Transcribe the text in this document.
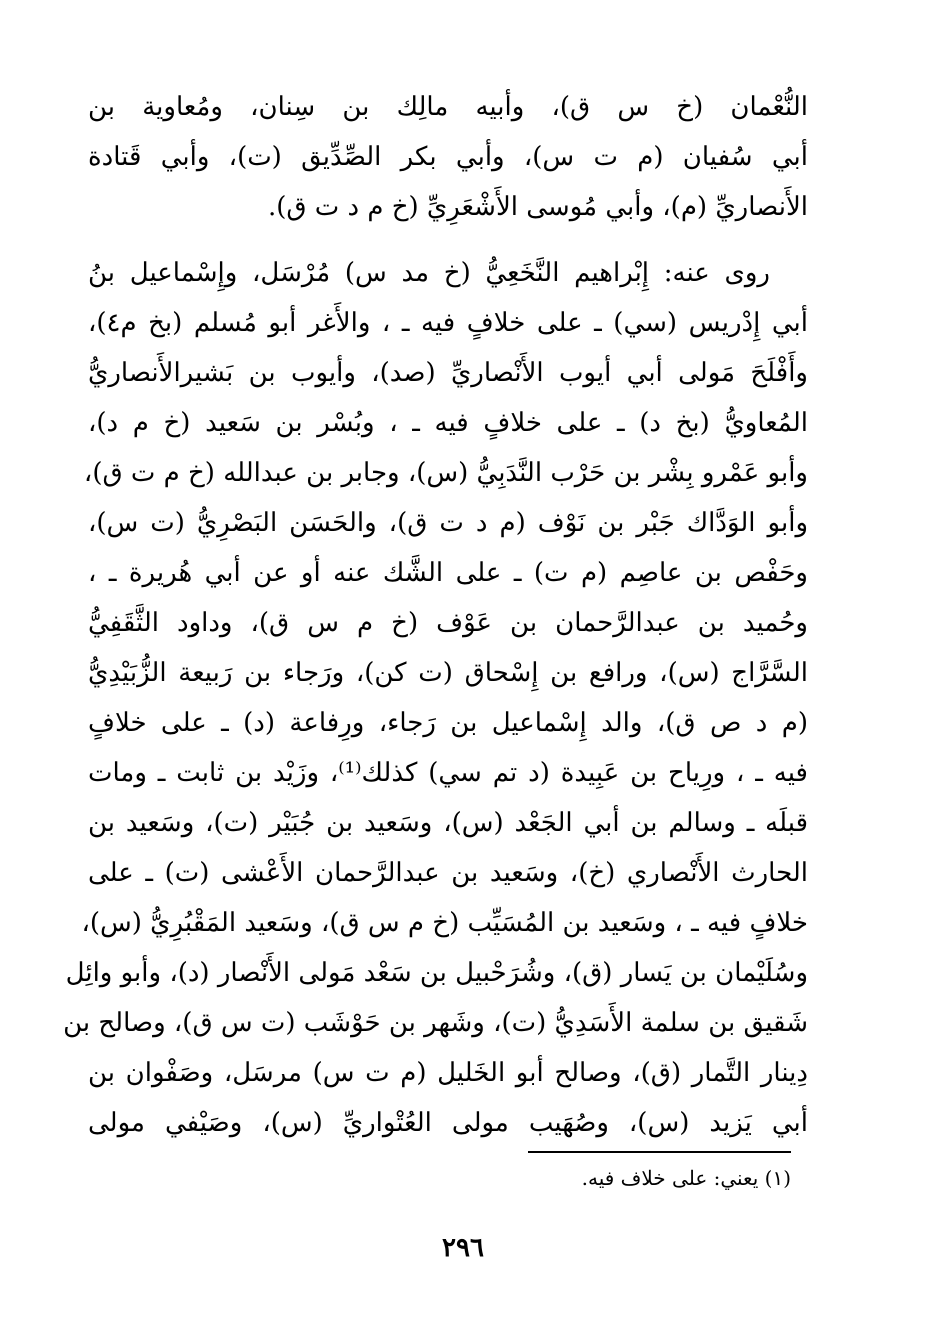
النُّعْمان (خ س ق)، وأبيه مالِك بن سِنان، ومُعاوية بن
أبي سُفيان (م ت س)، وأبي بكر الصِّدِّيق (ت)، وأبي قَتادة
الأَنصاريِّ (م)، وأبي مُوسى الأَشْعَرِيِّ (خ م د ت ق).
روى عنه: إِبْراهيم النَّخَعِيُّ (خ مد س) مُرْسَل، وإِسْماعيل بنُ
أبي إِدْريس (سي) ـ على خلافٍ فيه ـ ، والأَغر أبو مُسلم (بخ م٤)،
وأَفْلَحَ مَولى أبي أيوب الأَنْصاريِّ (صد)، وأيوب بن بَشيرالأَنصاريُّ
المُعاويُّ (بخ د) ـ على خلافٍ فيه ـ ، وبُسْر بن سَعيد (خ م د)،
وأبو عَمْرو بِشْر بن حَرْب النَّدَبِيُّ (س)، وجابر بن عبدالله (خ م ت ق)،
وأبو الوَدَّاك جَبْر بن نَوْف (م د ت ق)، والحَسَن البَصْرِيُّ (ت س)،
وحَفْص بن عاصِم (م ت) ـ على الشَّك عنه أو عن أبي هُريرة ـ ،
وحُميد بن عبدالرَّحمان بن عَوْف (خ م س ق)، وداود الثَّقَفِيُّ
السَّرَّاج (س)، ورافع بن إِسْحاق (ت كن)، ورَجاء بن رَبيعة الزُّبَيْدِيُّ
(م د ص ق)، والد إِسْماعيل بن رَجاء، ورِفاعة (د) ـ على خلافٍ
فيه ـ ، ورِياح بن عَبِيدة (د تم سي) كذلك⁽¹⁾، وزَيْد بن ثابت ـ ومات
قبلَه ـ وسالم بن أبي الجَعْد (س)، وسَعيد بن جُبَيْر (ت)، وسَعيد بن
الحارث الأَنْصاري (خ)، وسَعيد بن عبدالرَّحمان الأَعْشى (ت) ـ على
خلافٍ فيه ـ ، وسَعيد بن المُسَيِّب (خ م س ق)، وسَعيد المَقْبُرِيُّ (س)،
وسُلَيْمان بن يَسار (ق)، وشُرَحْبيل بن سَعْد مَولى الأَنْصار (د)، وأبو وائِل
شَقيق بن سلمة الأَسَدِيُّ (ت)، وشَهر بن حَوْشَب (ت س ق)، وصالح بن
دِينار التَّمار (ق)، وصالح أبو الخَليل (م ت س) مرسَل، وصَفْوان بن
أبي يَزيد (س)، وصُهَيب مولى العُتْواريِّ (س)، وصَيْفي مولى
(١) يعني: على خلاف فيه.
٢٩٦
